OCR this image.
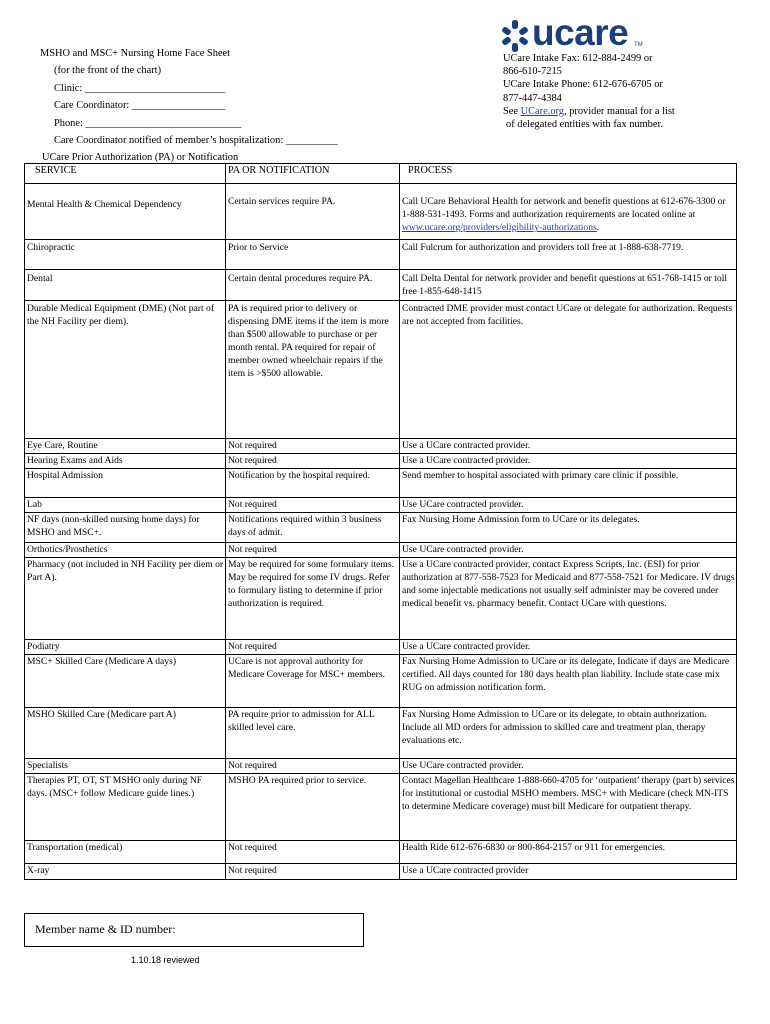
MSHO and MSC+ Nursing Home Face Sheet
(for the front of the chart)
Clinic: ___________________________
Care Coordinator: __________________
Phone: ______________________________
Care Coordinator notified of member’s hospitalization: __________
ucare TM
UCare Intake Fax: 612-884-2499 or
866-610-7215
UCare Intake Phone: 612-676-6705 or
877-447-4384
See UCare.org, provider manual for a list
of delegated entities with fax number.
UCare Prior Authorization (PA) or Notification
SERVICE	PA OR NOTIFICATION	PROCESS
Mental Health & Chemical Dependency	Certain services require PA.	Call UCare Behavioral Health for network and benefit questions at 612-676-3300 or 1-888-531-1493. Forms and authorization requirements are located online at www.ucare.org/providers/eligibility-authorizations.
Chiropractic	Prior to Service	Call Fulcrum for authorization and providers toll free at 1-888-638-7719.
Dental	Certain dental procedures require PA.	Call Delta Dental for network provider and benefit questions at 651-768-1415 or toll free 1-855-648-1415
Durable Medical Equipment (DME) (Not part of the NH Facility per diem).	PA is required prior to delivery or dispensing DME items if the item is more than $500 allowable to purchase or per month rental. PA required for repair of member owned wheelchair repairs if the item is >$500 allowable.	Contracted DME provider must contact UCare or delegate for authorization. Requests are not accepted from facilities.
Eye Care, Routine	Not required	Use a UCare contracted provider.
Hearing Exams and Aids	Not required	Use a UCare contracted provider.
Hospital Admission	Notification by the hospital required.	Send member to hospital associated with primary care clinic if possible.
Lab	Not required	Use UCare contracted provider.
NF days (non-skilled nursing home days) for MSHO and MSC+.	Notifications required within 3 business days of admit.	Fax Nursing Home Admission form to UCare or its delegates.
Orthotics/Prosthetics	Not required	Use UCare contracted provider.
Pharmacy (not included in NH Facility per diem or Part A).	May be required for some formulary items. May be required for some IV drugs. Refer to formulary listing to determine if prior authorization is required.	Use a UCare contracted provider, contact Express Scripts, Inc. (ESI) for prior authorization at 877-558-7523 for Medicaid and 877-558-7521 for Medicare. IV drugs and some injectable medications not usually self administer may be covered under medical benefit vs. pharmacy benefit. Contact UCare with questions.
Podiatry	Not required	Use a UCare contracted provider.
MSC+ Skilled Care (Medicare A days)	UCare is not approval authority for Medicare Coverage for MSC+ members.	Fax Nursing Home Admission to UCare or its delegate, Indicate if days are Medicare certified. All days counted for 180 days health plan liability. Include state case mix RUG on admission notification form.
MSHO Skilled Care (Medicare part A)	PA require prior to admission for ALL skilled level care.	Fax Nursing Home Admission to UCare or its delegate, to obtain authorization. Include all MD orders for admission to skilled care and treatment plan, therapy evaluations etc.
Specialists	Not required	Use UCare contracted provider.
Therapies PT, OT, ST MSHO only during NF days. (MSC+ follow Medicare guide lines.)	MSHO PA required prior to service.	Contact Magellan Healthcare 1-888-660-4705 for ‘outpatient’ therapy (part b) services for institutional or custodial MSHO members. MSC+ with Medicare (check MN-ITS to determine Medicare coverage) must bill Medicare for outpatient therapy.
Transportation (medical)	Not required	Health Ride 612-676-6830 or 800-864-2157 or 911 for emergencies.
X-ray	Not required	Use a UCare contracted provider
Member name & ID number:
1.10.18 reviewed
